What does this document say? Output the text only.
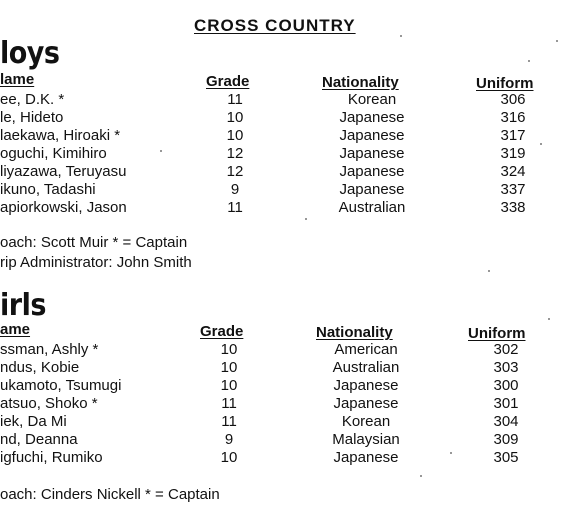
CROSS COUNTRY
loys
lame	Grade	Nationality	Uniform
ee, D.K. *	11	Korean	306
le, Hideto	10	Japanese	316
laekawa, Hiroaki *	10	Japanese	317
oguchi, Kimihiro	12	Japanese	319
liyazawa, Teruyasu	12	Japanese	324
ikuno, Tadashi	9	Japanese	337
apiorkowski, Jason	11	Australian	338
oach: Scott Muir * = Captain
rip Administrator: John Smith
irls
ame	Grade	Nationality	Uniform
ssman, Ashly *	10	American	302
ndus, Kobie	10	Australian	303
ukamoto, Tsumugi	10	Japanese	300
atsuo, Shoko *	11	Japanese	301
iek, Da Mi	11	Korean	304
nd, Deanna	9	Malaysian	309
igfuchi, Rumiko	10	Japanese	305
oach: Cinders Nickell * = Captain
